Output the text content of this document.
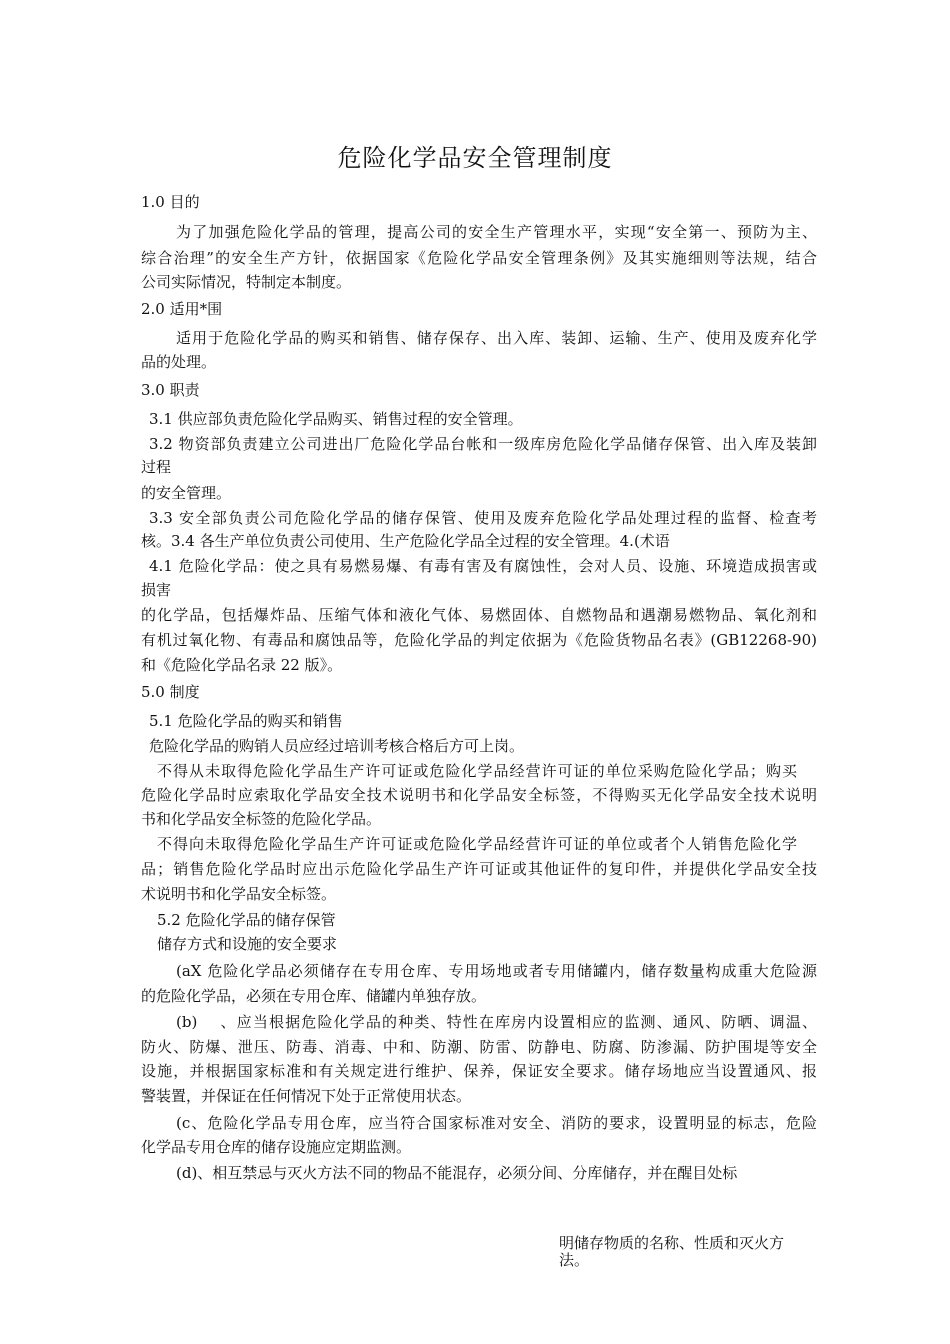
危险化学品安全管理制度
1.0 目的
为了加强危险化学品的管理，提高公司的安全生产管理水平，实现“安全第一、预防为主、
综合治理”的安全生产方针，依据国家《危险化学品安全管理条例》及其实施细则等法规，结合
公司实际情况，特制定本制度。
2.0 适用*围
适用于危险化学品的购买和销售、储存保存、出入库、装卸、运输、生产、使用及废弃化学
品的处理。
3.0 职责
3.1 供应部负责危险化学品购买、销售过程的安全管理。
3.2 物资部负责建立公司进出厂危险化学品台帐和一级库房危险化学品储存保管、出入库及装卸
过程
的安全管理。
3.3 安全部负责公司危险化学品的储存保管、使用及废弃危险化学品处理过程的监督、检查考
核。3.4 各生产单位负责公司使用、生产危险化学品全过程的安全管理。4.(术语
4.1 危险化学品：使之具有易燃易爆、有毒有害及有腐蚀性，会对人员、设施、环境造成损害或
损害
的化学品，包括爆炸品、压缩气体和液化气体、易燃固体、自燃物品和遇潮易燃物品、氧化剂和
有机过氧化物、有毒品和腐蚀品等，危险化学品的判定依据为《危险货物品名表》(GB12268-90)
和《危险化学品名录 22 版》。
5.0 制度
5.1 危险化学品的购买和销售
危险化学品的购销人员应经过培训考核合格后方可上岗。
不得从未取得危险化学品生产许可证或危险化学品经营许可证的单位采购危险化学品；购买
危险化学品时应索取化学品安全技术说明书和化学品安全标签，不得购买无化学品安全技术说明
书和化学品安全标签的危险化学品。
不得向未取得危险化学品生产许可证或危险化学品经营许可证的单位或者个人销售危险化学
品；销售危险化学品时应出示危险化学品生产许可证或其他证件的复印件，并提供化学品安全技
术说明书和化学品安全标签。
5.2 危险化学品的储存保管
储存方式和设施的安全要求
(aX 危险化学品必须储存在专用仓库、专用场地或者专用储罐内，储存数量构成重大危险源
的危险化学品，必须在专用仓库、储罐内单独存放。
(b)　 、应当根据危险化学品的种类、特性在库房内设置相应的监测、通风、防晒、调温、
防火、防爆、泄压、防毒、消毒、中和、防潮、防雷、防静电、防腐、防渗漏、防护围堤等安全
设施，并根据国家标准和有关规定进行维护、保养，保证安全要求。储存场地应当设置通风、报
警装置，并保证在任何情况下处于正常使用状态。
(c、危险化学品专用仓库，应当符合国家标准对安全、消防的要求，设置明显的标志，危险
化学品专用仓库的储存设施应定期监测。
(d)、相互禁忌与灭火方法不同的物品不能混存，必须分间、分库储存，并在醒目处标
明储存物质的名称、性质和灭火方
法。
